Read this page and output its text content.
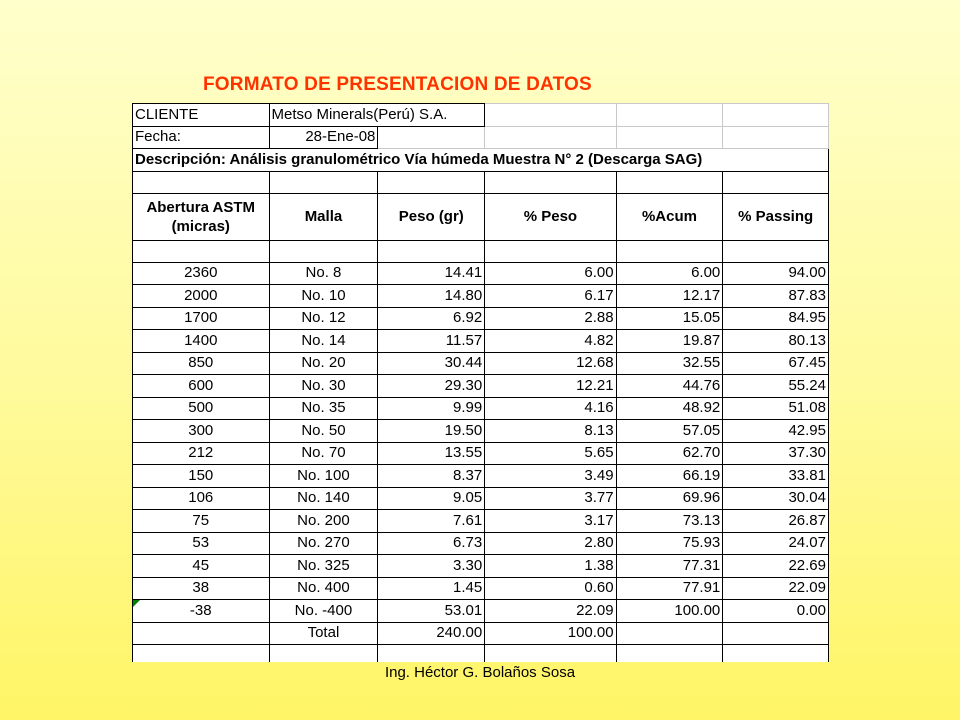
FORMATO DE PRESENTACION DE DATOS
CLIENTE	Metso Minerals(Perú) S.A.				
Fecha:	28-Ene-08				
Descripción: Análisis granulométrico Vía húmeda Muestra N° 2 (Descarga SAG)					

Abertura ASTM (micras)	Malla	Peso (gr)	% Peso	%Acum	% Passing

2360	No. 8	14.41	6.00	6.00	94.00
2000	No. 10	14.80	6.17	12.17	87.83
1700	No. 12	6.92	2.88	15.05	84.95
1400	No. 14	11.57	4.82	19.87	80.13
850	No. 20	30.44	12.68	32.55	67.45
600	No. 30	29.30	12.21	44.76	55.24
500	No. 35	9.99	4.16	48.92	51.08
300	No. 50	19.50	8.13	57.05	42.95
212	No. 70	13.55	5.65	62.70	37.30
150	No. 100	8.37	3.49	66.19	33.81
106	No. 140	9.05	3.77	69.96	30.04
75	No. 200	7.61	3.17	73.13	26.87
53	No. 270	6.73	2.80	75.93	24.07
45	No. 325	3.30	1.38	77.31	22.69
38	No. 400	1.45	0.60	77.91	22.09

-38	No. -400	53.01	22.09	100.00	0.00
	Total	240.00	100.00		

Ing. Héctor G. Bolaños Sosa
